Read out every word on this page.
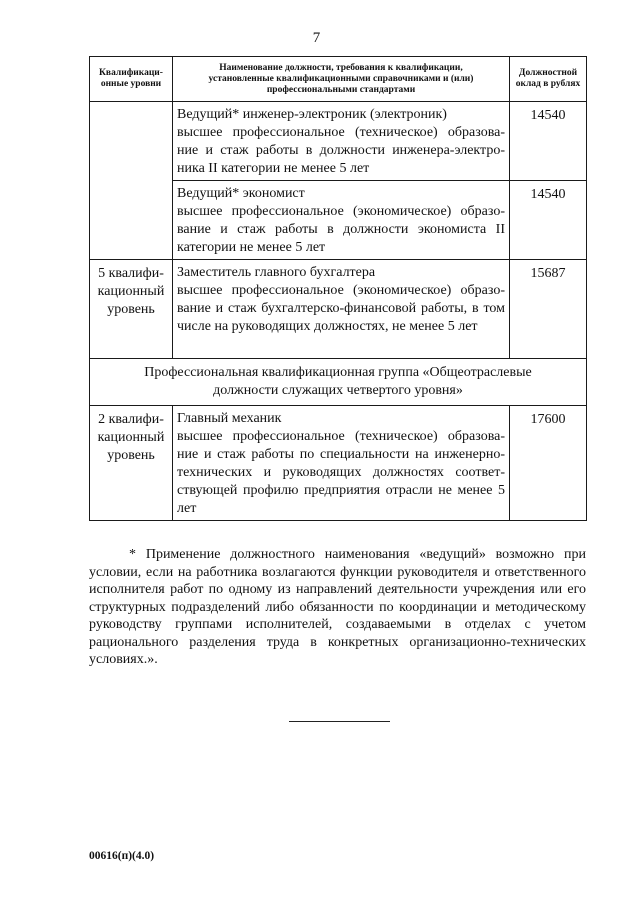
7
Квалификаци-онные уровни	Наименование должности, требования к квалификации, установленные квалификационными справочниками и (или) профессиональными стандартами	Должностной оклад в рублях

	Ведущий* инженер-электроник (электроник)
высшее профессиональное (техническое) образова-ние и стаж работы в должности инженера-электро-ника II категории не менее 5 лет	14540

	Ведущий* экономист
высшее профессиональное (экономическое) образо-вание и стаж работы в должности экономиста II категории не менее 5 лет	14540
5 квалифи-кационный уровень	Заместитель главного бухгалтера
высшее профессиональное (экономическое) образо-вание и стаж бухгалтерско-финансовой работы, в том числе на руководящих должностях, не менее 5 лет	15687
Профессиональная квалификационная группа «Общеотраслевые должности служащих четвертого уровня»		
2 квалифи-кационный уровень	Главный механик
высшее профессиональное (техническое) образова-ние и стаж работы по специальности на инженерно-технических и руководящих должностях соответ-ствующей профилю предприятия отрасли не менее 5 лет	17600

* Применение должностного наименования «ведущий» возможно при условии, если на работника возлагаются функции руководителя и ответственного исполнителя работ по одному из направлений деятельности учреждения или его структурных подразделений либо обязанности по координации и методическому руководству группами исполнителей, создаваемыми в отделах с учетом рационального разделения труда в конкретных организационно-технических условиях.».

00616(п)(4.0)
